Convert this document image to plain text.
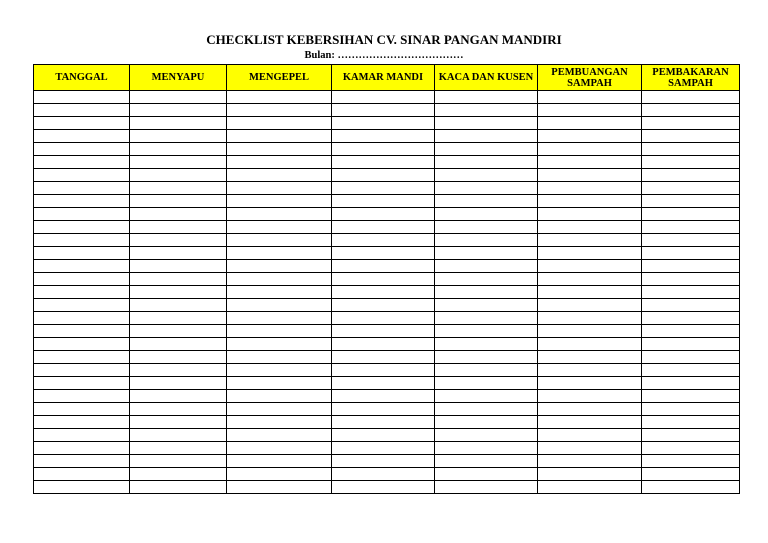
CHECKLIST KEBERSIHAN CV. SINAR PANGAN MANDIRI
Bulan: ………………………………
TANGGAL	MENYAPU	MENGEPEL	KAMAR MANDI	KACA DAN KUSEN	PEMBUANGAN SAMPAH	PEMBAKARAN SAMPAH
